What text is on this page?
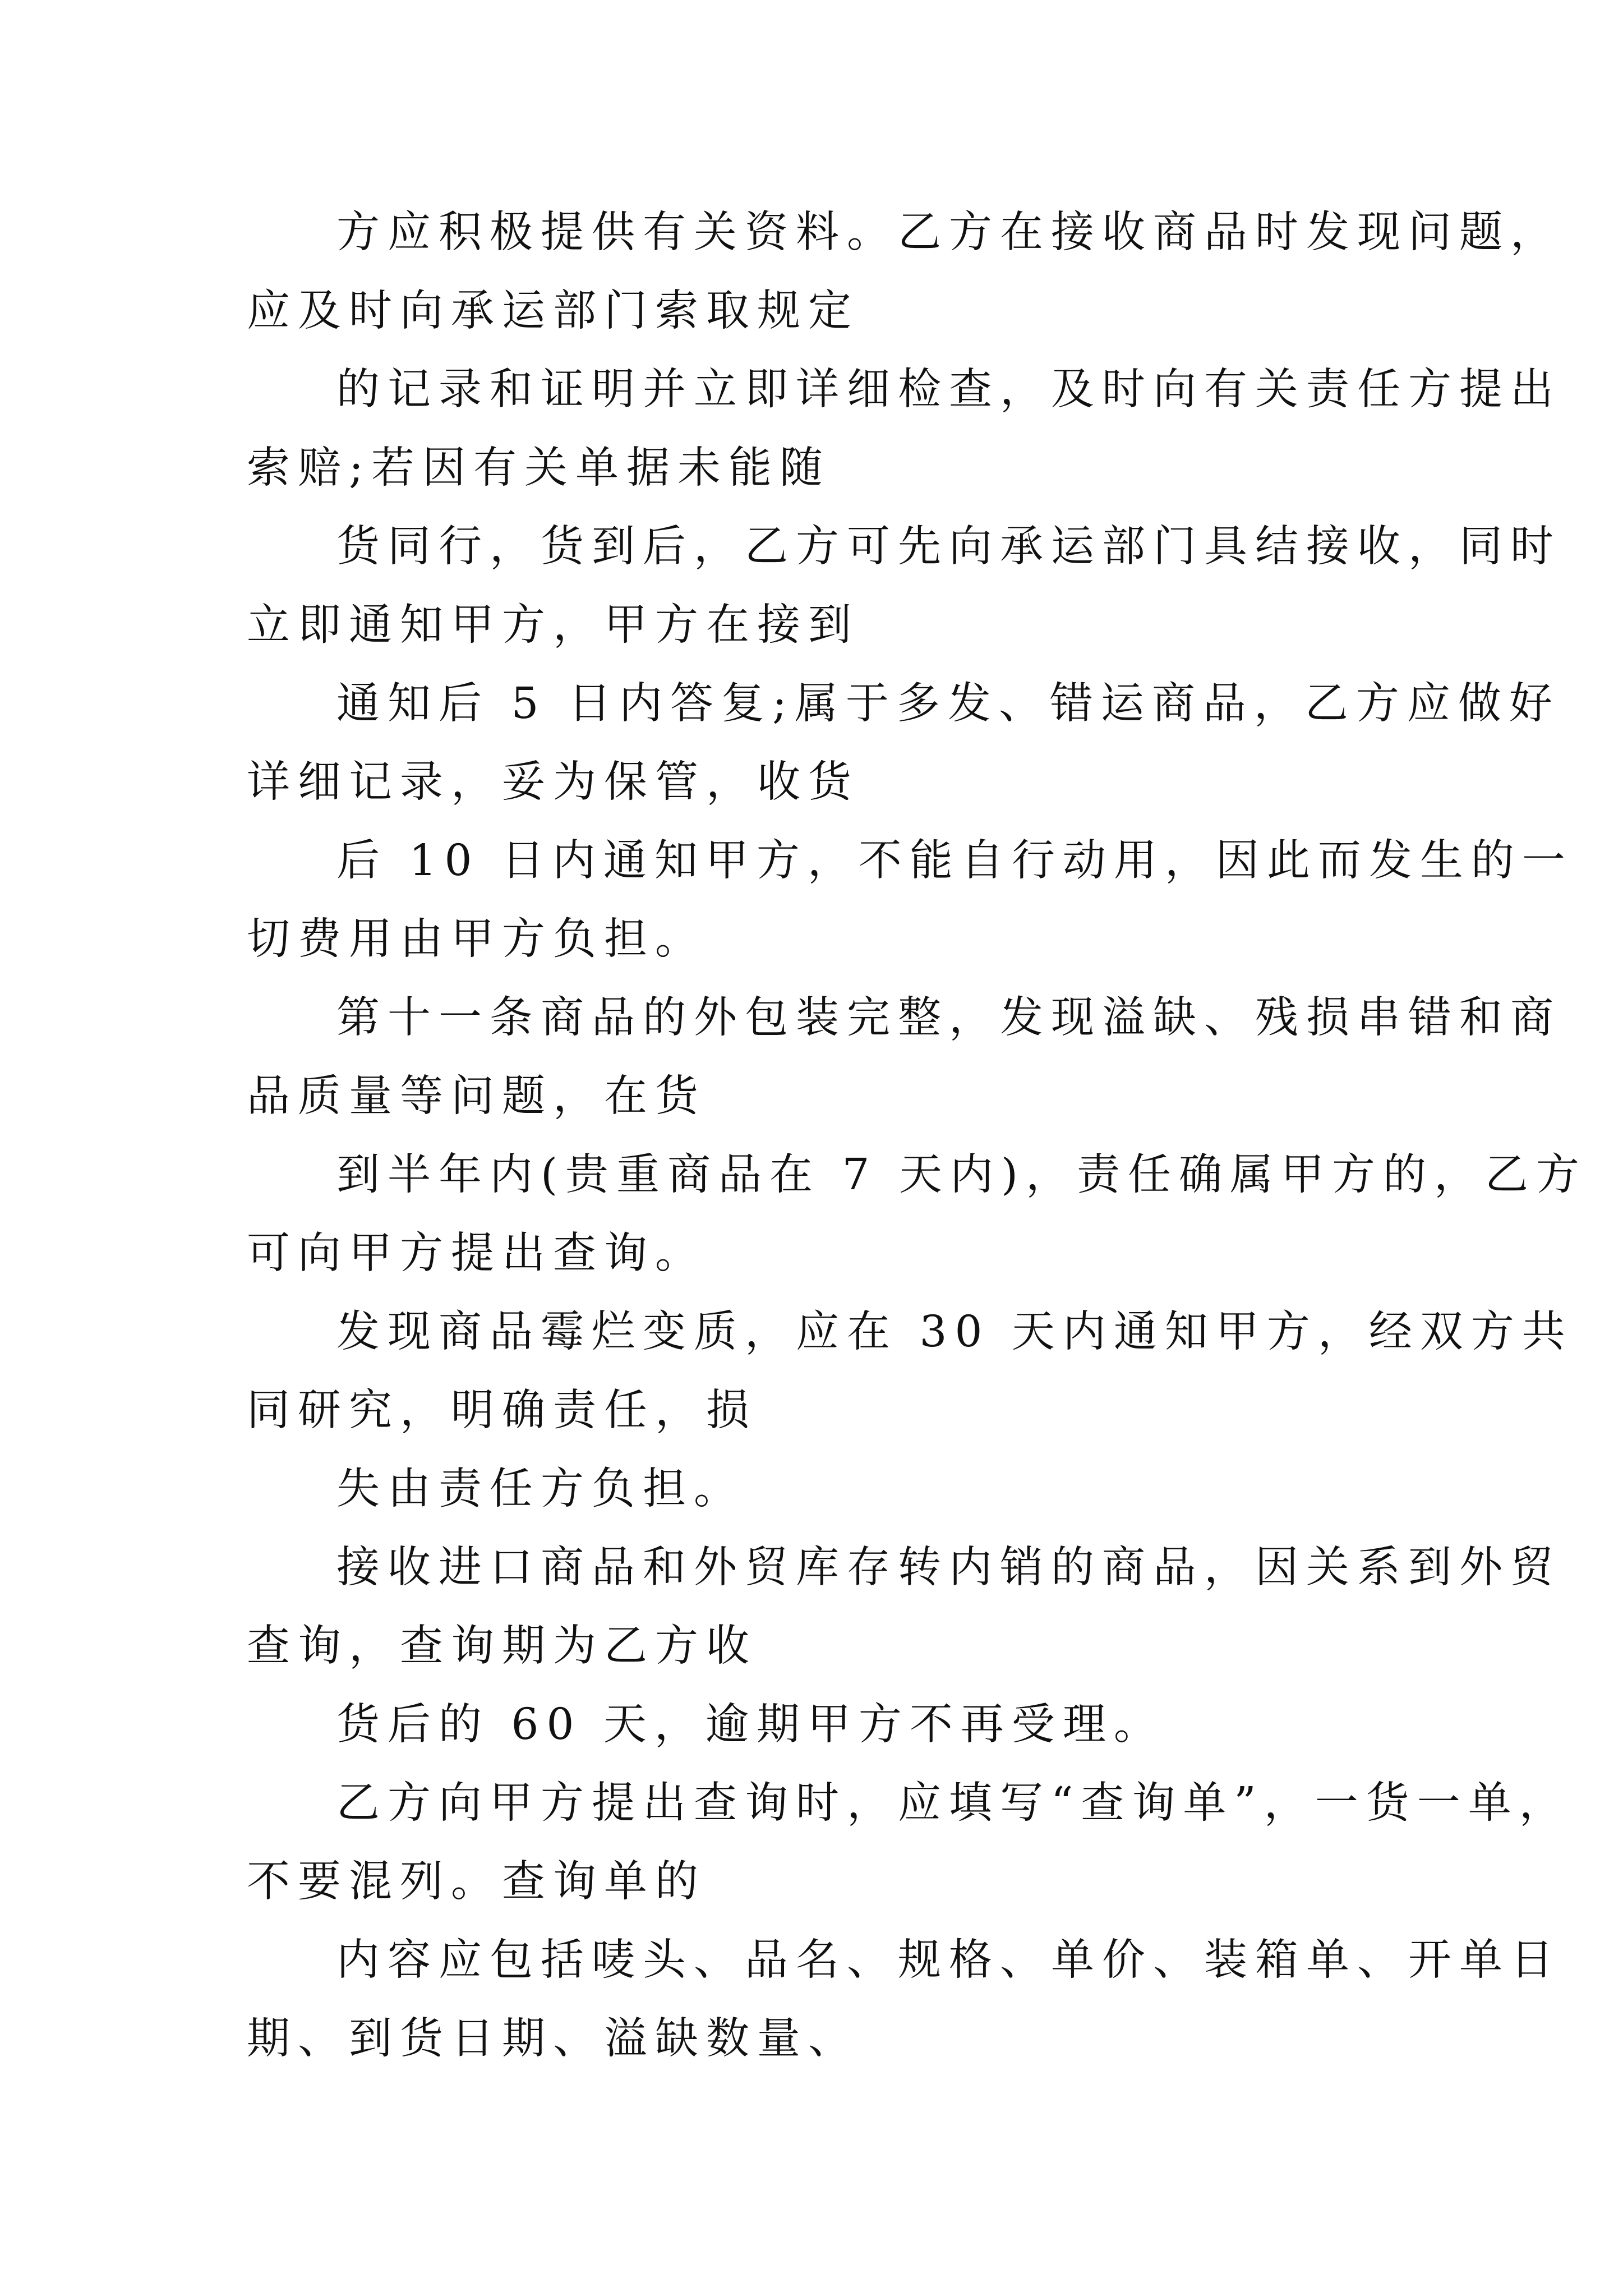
方应积极提供有关资料。乙方在接收商品时发现问题，
应及时向承运部门索取规定
的记录和证明并立即详细检查，及时向有关责任方提出
索赔;若因有关单据未能随
货同行，货到后，乙方可先向承运部门具结接收，同时
立即通知甲方，甲方在接到
通知后 5 日内答复;属于多发、错运商品，乙方应做好
详细记录，妥为保管，收货
后 10 日内通知甲方，不能自行动用，因此而发生的一
切费用由甲方负担。
第十一条商品的外包装完整，发现溢缺、残损串错和商
品质量等问题，在货
到半年内(贵重商品在 7 天内)，责任确属甲方的，乙方
可向甲方提出查询。
发现商品霉烂变质，应在 30 天内通知甲方，经双方共
同研究，明确责任，损
失由责任方负担。
接收进口商品和外贸库存转内销的商品，因关系到外贸
查询，查询期为乙方收
货后的 60 天，逾期甲方不再受理。
乙方向甲方提出查询时，应填写“查询单”，一货一单，
不要混列。查询单的
内容应包括唛头、品名、规格、单价、装箱单、开单日
期、到货日期、溢缺数量、
